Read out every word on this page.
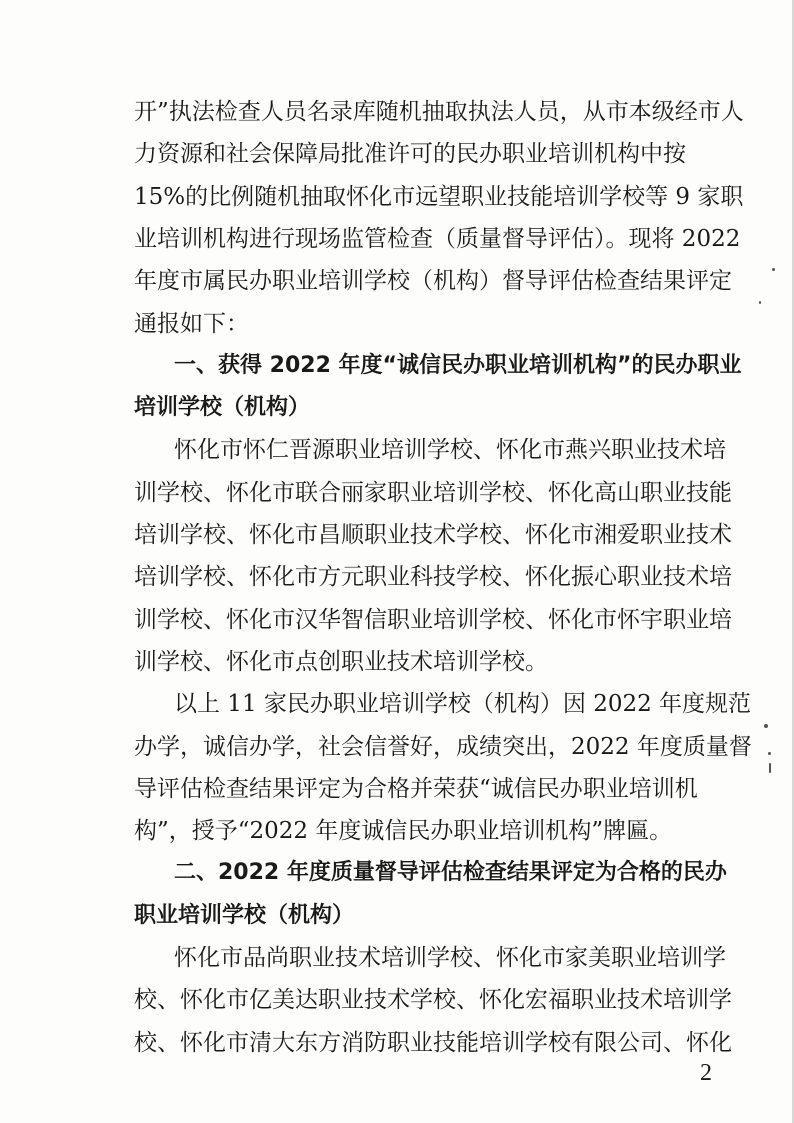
开”执法检查人员名录库随机抽取执法人员，从市本级经市人
力资源和社会保障局批准许可的民办职业培训机构中按
15%的比例随机抽取怀化市远望职业技能培训学校等 9 家职
业培训机构进行现场监管检查（质量督导评估）。现将 2022
年度市属民办职业培训学校（机构）督导评估检查结果评定
通报如下：
一、获得 2022 年度“诚信民办职业培训机构”的民办职业
培训学校（机构）
怀化市怀仁晋源职业培训学校、怀化市燕兴职业技术培
训学校、怀化市联合丽家职业培训学校、怀化高山职业技能
培训学校、怀化市昌顺职业技术学校、怀化市湘爱职业技术
培训学校、怀化市方元职业科技学校、怀化振心职业技术培
训学校、怀化市汉华智信职业培训学校、怀化市怀宇职业培
训学校、怀化市点创职业技术培训学校。
以上 11 家民办职业培训学校（机构）因 2022 年度规范
办学，诚信办学，社会信誉好，成绩突出，2022 年度质量督
导评估检查结果评定为合格并荣获“诚信民办职业培训机
构”，授予“2022 年度诚信民办职业培训机构”牌匾。
二、2022 年度质量督导评估检查结果评定为合格的民办
职业培训学校（机构）
怀化市品尚职业技术培训学校、怀化市家美职业培训学
2
校、怀化市亿美达职业技术学校、怀化宏福职业技术培训学
校、怀化市清大东方消防职业技能培训学校有限公司、怀化
